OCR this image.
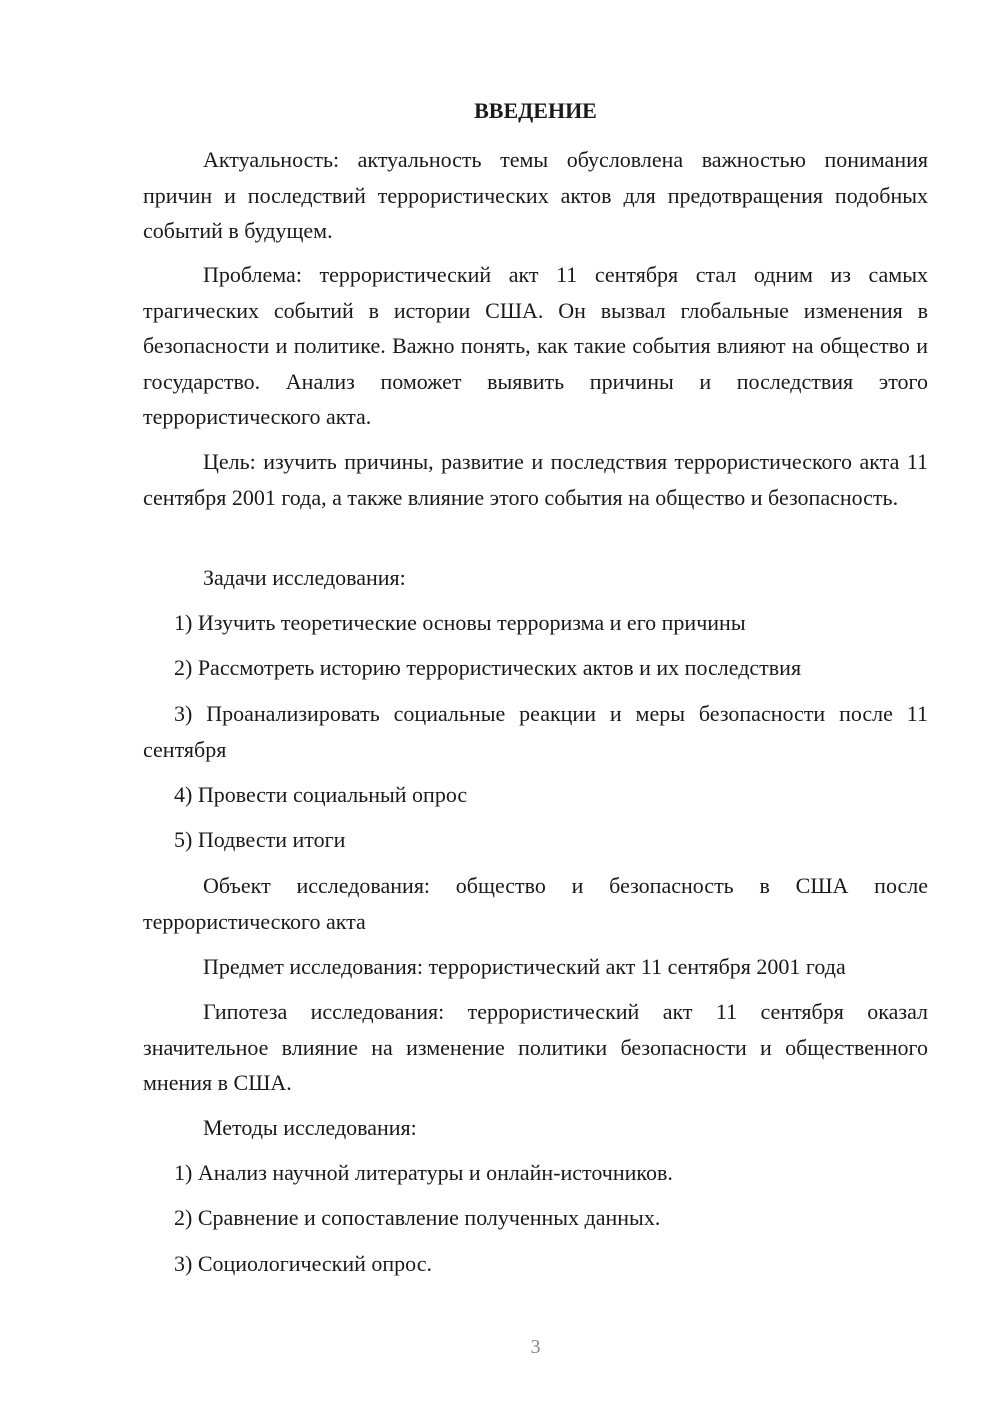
ВВЕДЕНИЕ

Актуальность: актуальность темы обусловлена важностью понимания причин и последствий террористических актов для предотвращения подобных событий в будущем.

Проблема: террористический акт 11 сентября стал одним из самых трагических событий в истории США. Он вызвал глобальные изменения в безопасности и политике. Важно понять, как такие события влияют на общество и государство. Анализ поможет выявить причины и последствия этого террористического акта.

Цель: изучить причины, развитие и последствия террористического акта 11 сентября 2001 года, а также влияние этого события на общество и безопасность.

Задачи исследования:

1) Изучить теоретические основы терроризма и его причины

2) Рассмотреть историю террористических актов и их последствия

3) Проанализировать социальные реакции и меры безопасности после 11 сентября

4) Провести социальный опрос

5) Подвести итоги

Объект исследования: общество и безопасность в США после террористического акта

Предмет исследования: террористический акт 11 сентября 2001 года

Гипотеза исследования: террористический акт 11 сентября оказал значительное влияние на изменение политики безопасности и общественного мнения в США.

Методы исследования:

1) Анализ научной литературы и онлайн-источников.

2) Сравнение и сопоставление полученных данных.

3) Социологический опрос.

3
